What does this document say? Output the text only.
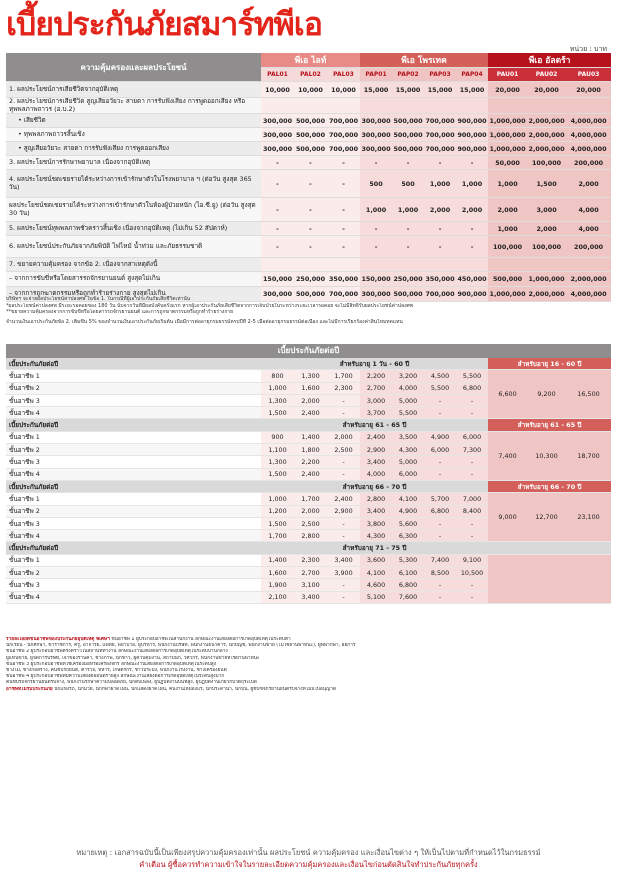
เบี้ยประกันภัยสมาร์ทพีเอ
หน่วย : บาท
ความคุ้มครองและผลประโยชน์	พีเอ ไลท์			พีเอ โพรเทค				พีเอ อัลตร้า		
	PAL01	PAL02	PAL03	PAP01	PAP02	PAP03	PAP04	PAU01	PAU02	PAU03
1. ผลประโยชน์การเสียชีวิตจากอุบัติเหตุ	10,000	10,000	10,000	15,000	15,000	15,000	15,000	20,000	20,000	20,000
2. ผลประโยชน์การเสียชีวิต สูญเสียอวัยวะ สายตา การรับฟังเสียง การพูดออกเสียง หรือทุพพลภาพถาวร (อ.บ.2)										
• เสียชีวิต	300,000	500,000	700,000	300,000	500,000	700,000	900,000	1,000,000	2,000,000	4,000,000
• ทุพพลภาพถาวรสิ้นเชิง	300,000	500,000	700,000	300,000	500,000	700,000	900,000	1,000,000	2,000,000	4,000,000
• สูญเสียอวัยวะ สายตา การรับฟังเสียง การพูดออกเสียง	300,000	500,000	700,000	300,000	500,000	700,000	900,000	1,000,000	2,000,000	4,000,000
3. ผลประโยชน์การรักษาพยาบาล เนื่องจากอุบัติเหตุ	-	-	-	-	-	-	-	50,000	100,000	200,000
4. ผลประโยชน์ชดเชยรายได้ระหว่างการเข้ารักษาตัวในโรงพยาบาล ฯ (ต่อวัน สูงสุด 365 วัน)	-	-	-	500	500	1,000	1,000	1,000	1,500	2,000
ผลประโยชน์ชดเชยรายได้ระหว่างการเข้ารักษาตัวในห้องผู้ป่วยหนัก (ไอ.ซี.ยู) (ต่อวัน สูงสุด 30 วัน)	-	-	-	1,000	1,000	2,000	2,000	2,000	3,000	4,000
5. ผลประโยชน์ทุพพลภาพชั่วคราวสิ้นเชิง เนื่องจากอุบัติเหตุ (ไม่เกิน 52 สัปดาห์)	-	-	-	-	-	-	-	1,000	2,000	4,000
6. ผลประโยชน์ประกันภัยจากภัยพิบัติ ไฟไหม้ น้ำท่วม และภัยธรรมชาติ	-	-	-	-	-	-	-	100,000	100,000	200,000
7. ขยายความคุ้มครอง จากข้อ 2. เนื่องจากสาเหตุดังนี้										
– จากการขับขี่หรือโดยสารรถจักรยานยนต์ สูงสุดไม่เกิน	150,000	250,000	350,000	150,000	250,000	350,000	450,000	500,000	1,000,000	2,000,000
– จากการถูกฆาตกรรมหรือถูกทำร้ายร่างกาย สูงสุดไม่เกิน	300,000	500,000	700,000	300,000	500,000	700,000	900,000	1,000,000	2,000,000	4,000,000
บริษัทฯ จะจ่ายผลประโยชน์ค่าปลงศพ ในข้อ 1. ในกรณีที่ผู้เอาประกันภัยเสียชีวิตเท่านั้น
*ผลประโยชน์ค่าปลงศพ มีระยะรอคอยของ 180 วัน นับจากวันที่มีผลบังคับครั้งแรก หากผู้เอาประกันภัยเสียชีวิตจากการเจ็บป่วยในระหว่างระยะเวลารอคอย จะไม่มีสิทธิ์รับผลประโยชน์ค่าปลงศพ
**ขยายความคุ้มครองจากการขับขี่หรือโดยสารรถจักรยานยนต์ และการถูกฆาตกรรมหรือถูกทำร้ายร่างกาย
จำนวนเงินเอาประกันภัยข้อ 2. เพิ่มขึ้น 5% ของจำนวนเงินเอาประกันภัยเริ่มต้น เมื่อมีการต่ออายุกรมธรรม์ครบปีที่ 2-5 เมื่อต่ออายุกรมธรรม์ต่อเนื่อง และไม่มีการเรียกร้องค่าสินไหมทดแทน
เบี้ยประกันภัยต่อปี
เบี้ยประกันภัยต่อปี	สำหรับอายุ 1 วัน - 60 ปี							สำหรับอายุ 16 - 60 ปี		
ขั้นอาชีพ 1	800	1,300	1,700	2,200	3,200	4,500	5,500	6,600	9,200	16,500
ขั้นอาชีพ 2	1,000	1,600	2,300	2,700	4,000	5,500	6,800			
ขั้นอาชีพ 3	1,300	2,000	-	3,000	5,000	-	-			
ขั้นอาชีพ 4	1,500	2,400	-	3,700	5,500	-	-			
เบี้ยประกันภัยต่อปี	สำหรับอายุ 61 - 65 ปี							สำหรับอายุ 61 - 65 ปี		
ขั้นอาชีพ 1	900	1,400	2,000	2,400	3,500	4,900	6,000	7,400	10,300	18,700
ขั้นอาชีพ 2	1,100	1,800	2,500	2,900	4,300	6,000	7,300			
ขั้นอาชีพ 3	1,300	2,200	-	3,400	5,000	-	-			
ขั้นอาชีพ 4	1,500	2,400	-	4,000	6,000	-	-			
เบี้ยประกันภัยต่อปี	สำหรับอายุ 66 - 70 ปี							สำหรับอายุ 66 - 70 ปี		
ขั้นอาชีพ 1	1,000	1,700	2,400	2,800	4,100	5,700	7,000	9,000	12,700	23,100
ขั้นอาชีพ 2	1,200	2,000	2,900	3,400	4,900	6,800	8,400			
ขั้นอาชีพ 3	1,500	2,500	-	3,800	5,600	-	-			
ขั้นอาชีพ 4	1,700	2,800	-	4,300	6,300	-	-			
เบี้ยประกันภัยต่อปี	สำหรับอายุ 71 - 75 ปี									
ขั้นอาชีพ 1	1,400	2,300	3,400	3,600	5,300	7,400	9,100			
ขั้นอาชีพ 2	1,600	2,700	3,900	4,100	6,100	8,500	10,500			
ขั้นอาชีพ 3	1,900	3,100	-	4,600	6,800	-	-			
ขั้นอาชีพ 4	2,100	3,400	-	5,100	7,600	-	-			
รายละเอียดขั้นอาชีพของประกันภัยอุบัติเหตุ พิเศษฯ ขั้นอาชีพ 1 ผู้ประกอบอาชีพในสำนักงาน ลักษณะงานเสี่ยงต่อการเกิดอุบัติเหตุในระดับต่ำ
นักเรียน - นักศึกษา, ข้าราชการ, ครู, อาจารย์, แพทย์, พยาบาล, ผู้บริหาร, พนักงานบริษัท, พนักงานธนาคาร, นักบัญชี, พนักงานขาย (ไม่ใช้ยานพาหนะ), ผู้พิพากษา, อัยการ
ขั้นอาชีพ 2 ผู้ประกอบอาชีพครั้งคราวในสถานที่ทำงาน ลักษณะงานเสี่ยงต่อการเกิดอุบัติเหตุในระดับปานกลาง
ผู้แทนขาย, ผู้จัดการบริษัท, เจ้าของร้านค้า, ช่างภาพ, นักข่าว, ผู้ควบคุมงาน, สถาปนิก, วิศวกร, พนักงานขายที่ใช้ยานพาหนะ
ขั้นอาชีพ 3 ผู้ประกอบอาชีพที่ใช้เครื่องมือหรือเครื่องจักร ลักษณะงานเสี่ยงต่อการเกิดอุบัติเหตุในระดับสูง
ช่างไม้, ช่างก่อสร้าง, คนขับรถยนต์, ตำรวจ, ทหาร, เกษตรกร, ชาวประมง, พนักงานโรงงาน, ช่างเครื่องยนต์
ขั้นอาชีพ 4 ผู้ประกอบอาชีพที่มีความเสี่ยงต่ออันตรายสูง ลักษณะงานเสี่ยงต่อการเกิดอุบัติเหตุในระดับสูงมาก
คนขับรถจักรยานยนต์รับจ้าง, พนักงานรักษาความปลอดภัย, นักดับเพลิง, ผู้ปฏิบัติงานบนที่สูง, ผู้ปฏิบัติงานเกี่ยวกับวัตถุระเบิด
อาชีพที่ไม่รับประกันภัย นักแข่งรถ, นักมวย, นักกีฬาผาดโผน, นักแสดงผาดโผน, คนงานเหมืองแร่, นักประดาน้ำ, นักบิน, ผู้ขับขี่จักรยานยนต์รับจ้างที่ไม่มีใบอนุญาต
หมายเหตุ : เอกสารฉบับนี้เป็นเพียงสรุปความคุ้มครองเท่านั้น ผลประโยชน์ ความคุ้มครอง และเงื่อนไขต่าง ๆ ให้เป็นไปตามที่กำหนดไว้ในกรมธรรม์
คำเตือน ผู้ซื้อควรทำความเข้าใจในรายละเอียดความคุ้มครองและเงื่อนไขก่อนตัดสินใจทำประกันภัยทุกครั้ง
